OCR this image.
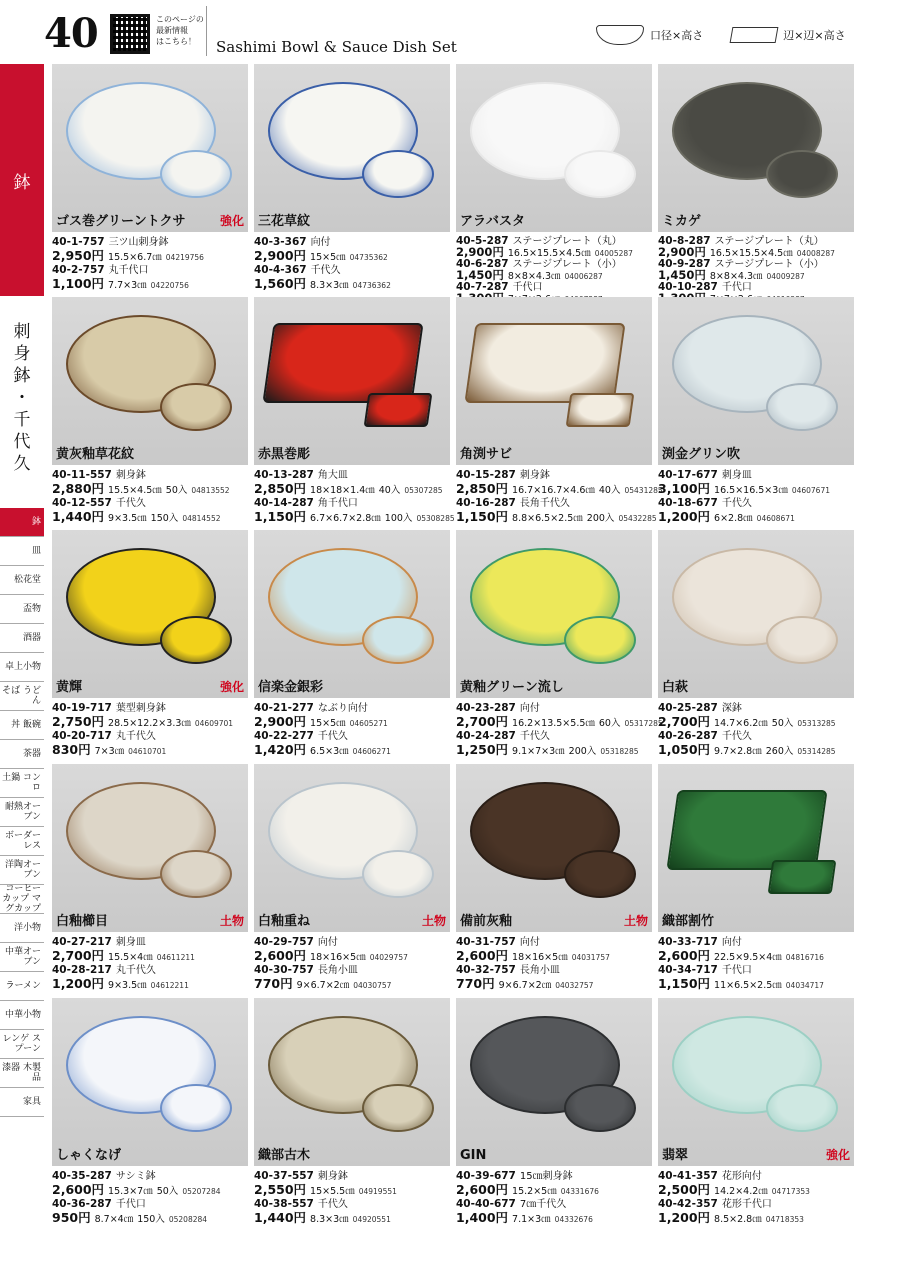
40	このページの
最新情報
はこちら！	Sashimi Bowl & Sauce Dish Set
口径×高さ	辺×辺×高さ
鉢
刺
身
鉢
・
千
代
久
鉢
皿
松花堂
盃物
酒器
卓上小物
そば うどん
丼 飯碗
茶器
土鍋 コンロ
耐熱オーブン
ボーダーレス
洋陶オーブン
コーヒーカップ マグカップ
洋小物
中華オーブン
ラーメン
中華小物
レンゲ スプーン
漆器 木製品
家具
ゴス巻グリーントクサ	強化
40-1-757 三ツ山刺身鉢
2,950円 15.5×6.7㎝ 04219756
40-2-757 丸千代口
1,100円 7.7×3㎝ 04220756
三花草紋
40-3-367 向付
2,900円 15×5㎝ 04735362
40-4-367 千代久
1,560円 8.3×3㎝ 04736362
アラバスタ
40-5-287 ステージプレート（丸）
2,900円 16.5×15.5×4.5㎝ 04005287
40-6-287 ステージプレート（小）
1,450円 8×8×4.3㎝ 04006287
40-7-287 千代口
ミカゲ
40-8-287 ステージプレート（丸）
2,900円 16.5×15.5×4.5㎝ 04008287
40-9-287 ステージプレート（小）
1,450円 8×8×4.3㎝ 04009287
40-10-287 千代口
黄灰釉草花紋
40-11-557 刺身鉢
2,880円 15.5×4.5㎝ 50入 04813552
40-12-557 千代久
1,440円 9×3.5㎝ 150入 04814552
赤黒巻彫
40-13-287 角大皿
2,850円 18×18×1.4㎝ 40入 05307285
40-14-287 角千代口
1,150円 6.7×6.7×2.8㎝ 100入 05308285
角渕サビ
40-15-287 刺身鉢
2,850円 16.7×16.7×4.6㎝ 40入 05431285
40-16-287 長角千代久
1,150円 8.8×6.5×2.5㎝ 200入 05432285
渕金グリン吹
40-17-677 刺身皿
3,100円 16.5×16.5×3㎝ 04607671
40-18-677 千代久
1,200円 6×2.8㎝ 04608671
黄輝	強化
40-19-717 葉型刺身鉢
2,750円 28.5×12.2×3.3㎝ 04609701
40-20-717 丸千代久
830円 7×3㎝ 04610701
信楽金銀彩
40-21-277 なぶり向付
2,900円 15×5㎝ 04605271
40-22-277 千代久
1,420円 6.5×3㎝ 04606271
黄釉グリーン流し
40-23-287 向付
2,700円 16.2×13.5×5.5㎝ 60入 05317285
40-24-287 千代久
1,250円 9.1×7×3㎝ 200入 05318285
白萩
40-25-287 深鉢
2,700円 14.7×6.2㎝ 50入 05313285
40-26-287 千代久
1,050円 9.7×2.8㎝ 260入 05314285
白釉櫛目	土物
40-27-217 刺身皿
2,700円 15.5×4㎝ 04611211
40-28-217 丸千代久
1,200円 9×3.5㎝ 04612211
白釉重ね	土物
40-29-757 向付
2,600円 18×16×5㎝ 04029757
40-30-757 長角小皿
770円 9×6.7×2㎝ 04030757
備前灰釉	土物
40-31-757 向付
2,600円 18×16×5㎝ 04031757
40-32-757 長角小皿
770円 9×6.7×2㎝ 04032757
織部割竹
40-33-717 向付
2,600円 22.5×9.5×4㎝ 04816716
40-34-717 千代口
1,150円 11×6.5×2.5㎝ 04034717
しゃくなげ
40-35-287 サシミ鉢
2,600円 15.3×7㎝ 50入 05207284
40-36-287 千代口
950円 8.7×4㎝ 150入 05208284
織部古木
40-37-557 刺身鉢
2,550円 15×5.5㎝ 04919551
40-38-557 千代久
1,440円 8.3×3㎝ 04920551
GIN
40-39-677 15㎝刺身鉢
2,600円 15.2×5㎝ 04331676
40-40-677 7㎝千代久
1,400円 7.1×3㎝ 04332676
翡翠	強化
40-41-357 花形向付
2,500円 14.2×4.2㎝ 04717353
40-42-357 花形千代口
1,200円 8.5×2.8㎝ 04718353
